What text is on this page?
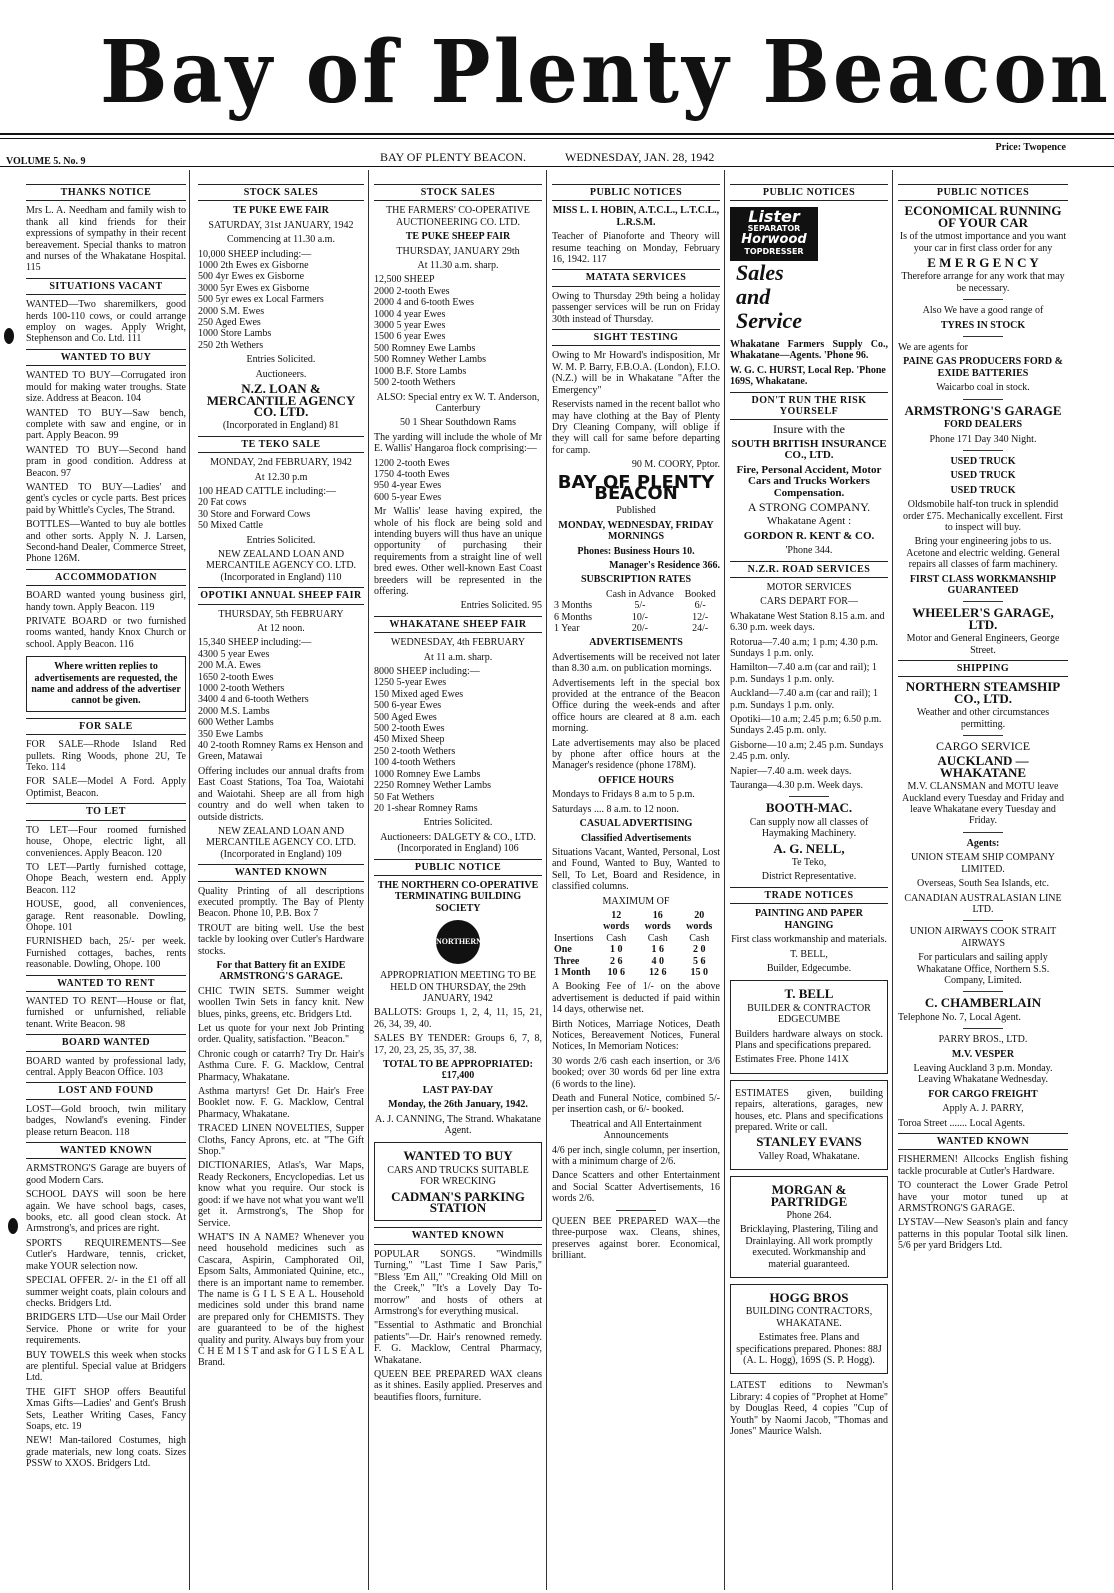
Bay of Plenty Beacon
VOLUME 5. No. 9	BAY OF PLENTY BEACON.	WEDNESDAY, JAN. 28, 1942
Price: Twopence
THANKS NOTICE

Mrs L. A. Needham and family wish to thank all kind friends for their expressions of sympathy in their recent bereavement. Special thanks to matron and nurses of the Whakatane Hospital. 115

SITUATIONS VACANT

WANTED—Two sharemilkers, good herds 100-110 cows, or could arrange employ on wages. Apply Wright, Stephenson and Co. Ltd. 111

WANTED TO BUY

WANTED TO BUY—Corrugated iron mould for making water troughs. State size. Address at Beacon. 104

WANTED TO BUY—Saw bench, complete with saw and engine, or in part. Apply Beacon. 99

WANTED TO BUY—Second hand pram in good condition. Address at Beacon. 97

WANTED TO BUY—Ladies' and gent's cycles or cycle parts. Best prices paid by Whittle's Cycles, The Strand.

BOTTLES—Wanted to buy ale bottles and other sorts. Apply N. J. Larsen, Second-hand Dealer, Commerce Street, Phone 126M.

ACCOMMODATION

BOARD wanted young business girl, handy town. Apply Beacon. 119

PRIVATE BOARD or two furnished rooms wanted, handy Knox Church or school. Apply Beacon. 116

Where written replies to advertisements are requested, the name and address of the advertiser cannot be given.
FOR SALE

FOR SALE—Rhode Island Red pullets. Ring Woods, phone 2U, Te Teko. 114

FOR SALE—Model A Ford. Apply Optimist, Beacon.

TO LET

TO LET—Four roomed furnished house, Ohope, electric light, all conveniences. Apply Beacon. 120

TO LET—Partly furnished cottage, Ohope Beach, western end. Apply Beacon. 112

HOUSE, good, all conveniences, garage. Rent reasonable. Dowling, Ohope. 101

FURNISHED bach, 25/- per week. Furnished cottages, baches, rents reasonable. Dowling, Ohope. 100

WANTED TO RENT

WANTED TO RENT—House or flat, furnished or unfurnished, reliable tenant. Write Beacon. 98

BOARD WANTED

BOARD wanted by professional lady, central. Apply Beacon Office. 103

LOST AND FOUND

LOST—Gold brooch, twin military badges, Nowland's evening. Finder please return Beacon. 118

WANTED KNOWN

ARMSTRONG'S Garage are buyers of good Modern Cars.

SCHOOL DAYS will soon be here again. We have school bags, cases, books, etc. all good clean stock. At Armstrong's, and prices are right.

SPORTS REQUIREMENTS—See Cutler's Hardware, tennis, cricket, make YOUR selection now.

SPECIAL OFFER. 2/- in the £1 off all summer weight coats, plain colours and checks. Bridgers Ltd.

BRIDGERS LTD—Use our Mail Order Service. Phone or write for your requirements.

BUY TOWELS this week when stocks are plentiful. Special value at Bridgers Ltd.

THE GIFT SHOP offers Beautiful Xmas Gifts—Ladies' and Gent's Brush Sets, Leather Writing Cases, Fancy Soaps, etc. 19

NEW! Man-tailored Costumes, high grade materials, new long coats. Sizes PSSW to XXOS. Bridgers Ltd.

STOCK SALES

TE PUKE EWE FAIR

SATURDAY, 31st JANUARY, 1942

Commencing at 11.30 a.m.

10,000 SHEEP including:—
1000 2th Ewes ex Gisborne
500 4yr Ewes ex Gisborne
3000 5yr Ewes ex Gisborne
500 5yr ewes ex Local Farmers
2000 S.M. Ewes
250 Aged Ewes
1000 Store Lambs
250 2th Wethers

Entries Solicited.

Auctioneers.

N.Z. LOAN & MERCANTILE AGENCY CO. LTD.

(Incorporated in England) 81

TE TEKO SALE

MONDAY, 2nd FEBRUARY, 1942

At 12.30 p.m

100 HEAD CATTLE including:—
20 Fat cows
30 Store and Forward Cows
50 Mixed Cattle

Entries Solicited.

NEW ZEALAND LOAN AND MERCANTILE AGENCY CO. LTD. (Incorporated in England) 110

OPOTIKI ANNUAL SHEEP FAIR

THURSDAY, 5th FEBRUARY

At 12 noon.

15,340 SHEEP including:—
4300 5 year Ewes
200 M.A. Ewes
1650 2-tooth Ewes
1000 2-tooth Wethers
3400 4 and 6-tooth Wethers
2000 M.S. Lambs
600 Wether Lambs
350 Ewe Lambs
40 2-tooth Romney Rams ex Henson and Green, Matawai

Offering includes our annual drafts from East Coast Stations, Toa Toa, Waiotahi and Waiotahi. Sheep are all from high country and do well when taken to outside districts.

NEW ZEALAND LOAN AND MERCANTILE AGENCY CO. LTD. (Incorporated in England) 109

WANTED KNOWN

Quality Printing of all descriptions executed promptly. The Bay of Plenty Beacon. Phone 10, P.B. Box 7

TROUT are biting well. Use the best tackle by looking over Cutler's Hardware stocks.

For that Battery fit an EXIDE ARMSTRONG'S GARAGE.

CHIC TWIN SETS. Summer weight woollen Twin Sets in fancy knit. New blues, pinks, greens, etc. Bridgers Ltd.

Let us quote for your next Job Printing order. Quality, satisfaction. "Beacon."

Chronic cough or catarrh? Try Dr. Hair's Asthma Cure. F. G. Macklow, Central Pharmacy, Whakatane.

Asthma martyrs! Get Dr. Hair's Free Booklet now. F. G. Macklow, Central Pharmacy, Whakatane.

TRACED LINEN NOVELTIES, Supper Cloths, Fancy Aprons, etc. at "The Gift Shop."

DICTIONARIES, Atlas's, War Maps, Ready Reckoners, Encyclopedias. Let us know what you require. Our stock is good: if we have not what you want we'll get it. Armstrong's, The Shop for Service.

WHAT'S IN A NAME? Whenever you need household medicines such as Cascara, Aspirin, Camphorated Oil, Epsom Salts, Ammoniated Quinine, etc., there is an important name to remember. The name is G I L S E A L. Household medicines sold under this brand name are prepared only for CHEMISTS. They are guaranteed to be of the highest quality and purity. Always buy from your C H E M I S T and ask for G I L S E A L Brand.

STOCK SALES

THE FARMERS' CO-OPERATIVE AUCTIONEERING CO. LTD.

TE PUKE SHEEP FAIR

THURSDAY, JANUARY 29th

At 11.30 a.m. sharp.

12,500 SHEEP
2000 2-tooth Ewes
2000 4 and 6-tooth Ewes
1000 4 year Ewes
3000 5 year Ewes
1500 6 year Ewes
500 Romney Ewe Lambs
500 Romney Wether Lambs
1000 B.F. Store Lambs
500 2-tooth Wethers

ALSO: Special entry ex W. T. Anderson, Canterbury

50 1 Shear Southdown Rams

The yarding will include the whole of Mr E. Wallis' Hangaroa flock comprising:—

1200 2-tooth Ewes
1750 4-tooth Ewes
950 4-year Ewes
600 5-year Ewes

Mr Wallis' lease having expired, the whole of his flock are being sold and intending buyers will thus have an unique opportunity of purchasing their requirements from a straight line of well bred ewes. Other well-known East Coast breeders will be represented in the offering.

Entries Solicited. 95

WHAKATANE SHEEP FAIR

WEDNESDAY, 4th FEBRUARY

At 11 a.m. sharp.

8000 SHEEP including:—
1250 5-year Ewes
150 Mixed aged Ewes
500 6-year Ewes
500 Aged Ewes
500 2-tooth Ewes
450 Mixed Sheep
250 2-tooth Wethers
100 4-tooth Wethers
1000 Romney Ewe Lambs
2250 Romney Wether Lambs
50 Fat Wethers
20 1-shear Romney Rams

Entries Solicited.

Auctioneers: DALGETY & CO., LTD. (Incorporated in England) 106

PUBLIC NOTICE

THE NORTHERN CO-OPERATIVE TERMINATING BUILDING SOCIETY

NORTHERN

APPROPRIATION MEETING TO BE HELD ON THURSDAY, the 29th JANUARY, 1942

BALLOTS: Groups 1, 2, 4, 11, 15, 21, 26, 34, 39, 40.

SALES BY TENDER: Groups 6, 7, 8, 17, 20, 23, 25, 35, 37, 38.

TOTAL TO BE APPROPRIATED: £17,400

LAST PAY-DAY

Monday, the 26th January, 1942.

A. J. CANNING, The Strand. Whakatane Agent.

WANTED TO BUY

CARS AND TRUCKS SUITABLE FOR WRECKING

CADMAN'S PARKING STATION

WANTED KNOWN

POPULAR SONGS. "Windmills Turning," "Last Time I Saw Paris," "Bless 'Em All," "Creaking Old Mill on the Creek," "It's a Lovely Day To-morrow" and hosts of others at Armstrong's for everything musical.

"Essential to Asthmatic and Bronchial patients"—Dr. Hair's renowned remedy. F. G. Macklow, Central Pharmacy, Whakatane.

QUEEN BEE PREPARED WAX cleans as it shines. Easily applied. Preserves and beautifies floors, furniture.

PUBLIC NOTICES

MISS L. I. HOBIN, A.T.C.L., L.T.C.L., L.R.S.M.

Teacher of Pianoforte and Theory will resume teaching on Monday, February 16, 1942. 117

MATATA SERVICES

Owing to Thursday 29th being a holiday passenger services will be run on Friday 30th instead of Thursday.

SIGHT TESTING

Owing to Mr Howard's indisposition, Mr W. M. P. Barry, F.B.O.A. (London), F.I.O. (N.Z.) will be in Whakatane "After the Emergency"

Reservists named in the recent ballot who may have clothing at the Bay of Plenty Dry Cleaning Company, will oblige if they will call for same before departing for camp.

90 M. COORY, Pptor.

BAY OF PLENTY BEACON

Published

MONDAY, WEDNESDAY, FRIDAY MORNINGS

Phones: Business Hours 10.

Manager's Residence 366.

SUBSCRIPTION RATES

	Cash in Advance	Booked
3 Months	5/-	6/-
6 Months	10/-	12/-
1 Year	20/-	24/-

ADVERTISEMENTS

Advertisements will be received not later than 8.30 a.m. on publication mornings.

Advertisements left in the special box provided at the entrance of the Beacon Office during the week-ends and after office hours are cleared at 8 a.m. each morning.

Late advertisements may also be placed by phone after office hours at the Manager's residence (phone 178M).

OFFICE HOURS

Mondays to Fridays 8 a.m to 5 p.m.

Saturdays .... 8 a.m. to 12 noon.

CASUAL ADVERTISING

Classified Advertisements

Situations Vacant, Wanted, Personal, Lost and Found, Wanted to Buy, Wanted to Sell, To Let, Board and Residence, in classified columns.

MAXIMUM OF

	12 words	16 words	20 words
Insertions	Cash	Cash	Cash
One	1 0	1 6	2 0
Three	2 6	4 0	5 6
1 Month	10 6	12 6	15 0

A Booking Fee of 1/- on the above advertisement is deducted if paid within 14 days, otherwise net.

Birth Notices, Marriage Notices, Death Notices, Bereavement Notices, Funeral Notices, In Memoriam Notices:

30 words 2/6 cash each insertion, or 3/6 booked; over 30 words 6d per line extra (6 words to the line).

Death and Funeral Notice, combined 5/- per insertion cash, or 6/- booked.

Theatrical and All Entertainment Announcements

4/6 per inch, single column, per insertion, with a minimum charge of 2/6.

Dance Scatters and other Entertainment and Social Scatter Advertisements, 16 words 2/6.

QUEEN BEE PREPARED WAX—the three-purpose wax. Cleans, shines, preserves against borer. Economical, brilliant.

PUBLIC NOTICES
Lister
SEPARATOR
Horwood
TOPDRESSER
Sales and Service

Whakatane Farmers Supply Co., Whakatane—Agents. 'Phone 96.

W. G. C. HURST, Local Rep. 'Phone 169S, Whakatane.

DON'T RUN THE RISK YOURSELF

Insure with the

SOUTH BRITISH INSURANCE CO., LTD.

Fire, Personal Accident, Motor Cars and Trucks Workers Compensation.

A STRONG COMPANY.

Whakatane Agent :

GORDON R. KENT & CO.

'Phone 344.

N.Z.R. ROAD SERVICES

MOTOR SERVICES

CARS DEPART FOR—

Whakatane West Station 8.15 a.m. and 6.30 p.m. week days.

Rotorua—7.40 a.m; 1 p.m; 4.30 p.m. Sundays 1 p.m. only.

Hamilton—7.40 a.m (car and rail); 1 p.m. Sundays 1 p.m. only.

Auckland—7.40 a.m (car and rail); 1 p.m. Sundays 1 p.m. only.

Opotiki—10 a.m; 2.45 p.m; 6.50 p.m. Sundays 2.45 p.m. only.

Gisborne—10 a.m; 2.45 p.m. Sundays 2.45 p.m. only.

Napier—7.40 a.m. week days.

Tauranga—4.30 p.m. Week days.

BOOTH-MAC.

Can supply now all classes of Haymaking Machinery.

A. G. NELL,

Te Teko,

District Representative.

TRADE NOTICES

PAINTING AND PAPER HANGING

First class workmanship and materials.

T. BELL,

Builder, Edgecumbe.

T. BELL

BUILDER & CONTRACTOR EDGECUMBE

Builders hardware always on stock. Plans and specifications prepared.

Estimates Free. Phone 141X

ESTIMATES given, building repairs, alterations, garages, new houses, etc. Plans and specifications prepared. Write or call.

STANLEY EVANS

Valley Road, Whakatane.

MORGAN & PARTRIDGE

Phone 264.

Bricklaying, Plastering, Tiling and Drainlaying. All work promptly executed. Workmanship and material guaranteed.

HOGG BROS

BUILDING CONTRACTORS, WHAKATANE.

Estimates free. Plans and specifications prepared. Phones: 88J (A. L. Hogg), 169S (S. P. Hogg).

LATEST editions to Newman's Library: 4 copies of "Prophet at Home" by Douglas Reed, 4 copies "Cup of Youth" by Naomi Jacob, "Thomas and Jones" Maurice Walsh.

PUBLIC NOTICES

ECONOMICAL RUNNING OF YOUR CAR

Is of the utmost importance and you want your car in first class order for any

E M E R G E N C Y

Therefore arrange for any work that may be necessary.

Also We have a good range of

TYRES IN STOCK

We are agents for

PAINE GAS PRODUCERS FORD & EXIDE BATTERIES

Waicarbo coal in stock.

ARMSTRONG'S GARAGE

FORD DEALERS

Phone 171 Day 340 Night.

USED TRUCK

USED TRUCK

USED TRUCK

Oldsmobile half-ton truck in splendid order £75. Mechanically excellent. First to inspect will buy.

Bring your engineering jobs to us. Acetone and electric welding. General repairs all classes of farm machinery.

FIRST CLASS WORKMANSHIP GUARANTEED

WHEELER'S GARAGE, LTD.

Motor and General Engineers, George Street.

SHIPPING

NORTHERN STEAMSHIP CO., LTD.

Weather and other circumstances permitting.

CARGO SERVICE

AUCKLAND — WHAKATANE

M.V. CLANSMAN and MOTU leave Auckland every Tuesday and Friday and leave Whakatane every Tuesday and Friday.

Agents:

UNION STEAM SHIP COMPANY LIMITED.

Overseas, South Sea Islands, etc.

CANADIAN AUSTRALASIAN LINE LTD.

UNION AIRWAYS COOK STRAIT AIRWAYS

For particulars and sailing apply Whakatane Office, Northern S.S. Company, Limited.

C. CHAMBERLAIN

Telephone No. 7, Local Agent.

PARRY BROS., LTD.

M.V. VESPER

Leaving Auckland 3 p.m. Monday. Leaving Whakatane Wednesday.

FOR CARGO FREIGHT

Apply A. J. PARRY,

Toroa Street ....... Local Agents.

WANTED KNOWN

FISHERMEN! Allcocks English fishing tackle procurable at Cutler's Hardware.

TO counteract the Lower Grade Petrol have your motor tuned up at ARMSTRONG'S GARAGE.

LYSTAV—New Season's plain and fancy patterns in this popular Tootal silk linen. 5/6 per yard Bridgers Ltd.
